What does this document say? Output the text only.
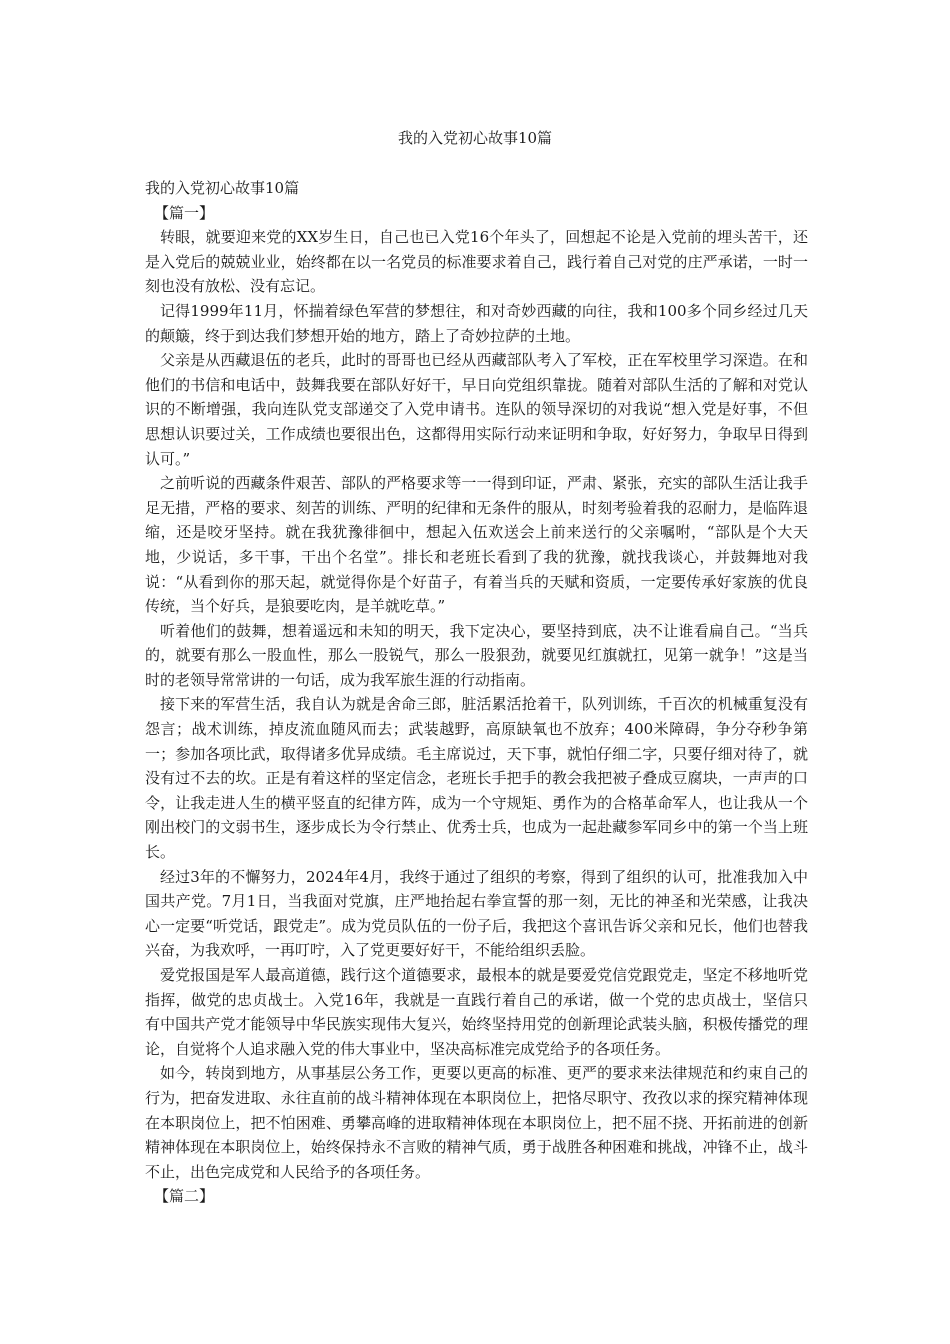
我的入党初心故事10篇

我的入党初心故事10篇

【篇一】

转眼，就要迎来党的XX岁生日，自己也已入党16个年头了，回想起不论是入党前的埋头苦干，还是入党后的兢兢业业，始终都在以一名党员的标准要求着自己，践行着自己对党的庄严承诺，一时一刻也没有放松、没有忘记。

记得1999年11月，怀揣着绿色军营的梦想往，和对奇妙西藏的向往，我和100多个同乡经过几天的颠簸，终于到达我们梦想开始的地方，踏上了奇妙拉萨的土地。

父亲是从西藏退伍的老兵，此时的哥哥也已经从西藏部队考入了军校，正在军校里学习深造。在和他们的书信和电话中，鼓舞我要在部队好好干，早日向党组织靠拢。随着对部队生活的了解和对党认识的不断增强，我向连队党支部递交了入党申请书。连队的领导深切的对我说“想入党是好事，不但思想认识要过关，工作成绩也要很出色，这都得用实际行动来证明和争取，好好努力，争取早日得到认可。”

之前听说的西藏条件艰苦、部队的严格要求等一一得到印证，严肃、紧张，充实的部队生活让我手足无措，严格的要求、刻苦的训练、严明的纪律和无条件的服从，时刻考验着我的忍耐力，是临阵退缩，还是咬牙坚持。就在我犹豫徘徊中，想起入伍欢送会上前来送行的父亲嘱咐，“部队是个大天地，少说话，多干事，干出个名堂”。排长和老班长看到了我的犹豫，就找我谈心，并鼓舞地对我说：“从看到你的那天起，就觉得你是个好苗子，有着当兵的天赋和资质，一定要传承好家族的优良传统，当个好兵，是狼要吃肉，是羊就吃草。”

听着他们的鼓舞，想着遥远和未知的明天，我下定决心，要坚持到底，决不让谁看扁自己。“当兵的，就要有那么一股血性，那么一股锐气，那么一股狠劲，就要见红旗就扛，见第一就争！”这是当时的老领导常常讲的一句话，成为我军旅生涯的行动指南。

接下来的军营生活，我自认为就是舍命三郎，脏活累活抢着干，队列训练，千百次的机械重复没有怨言；战术训练，掉皮流血随风而去；武装越野，高原缺氧也不放弃；400米障碍，争分夺秒争第一；参加各项比武，取得诸多优异成绩。毛主席说过，天下事，就怕仔细二字，只要仔细对待了，就没有过不去的坎。正是有着这样的坚定信念，老班长手把手的教会我把被子叠成豆腐块，一声声的口令，让我走进人生的横平竖直的纪律方阵，成为一个守规矩、勇作为的合格革命军人，也让我从一个刚出校门的文弱书生，逐步成长为令行禁止、优秀士兵，也成为一起赴藏参军同乡中的第一个当上班长。

经过3年的不懈努力，2024年4月，我终于通过了组织的考察，得到了组织的认可，批准我加入中国共产党。7月1日，当我面对党旗，庄严地抬起右拳宣誓的那一刻，无比的神圣和光荣感，让我决心一定要“听党话，跟党走”。成为党员队伍的一份子后，我把这个喜讯告诉父亲和兄长，他们也替我兴奋，为我欢呼，一再叮咛，入了党更要好好干，不能给组织丢脸。

爱党报国是军人最高道德，践行这个道德要求，最根本的就是要爱党信党跟党走，坚定不移地听党指挥，做党的忠贞战士。入党16年，我就是一直践行着自己的承诺，做一个党的忠贞战士，坚信只有中国共产党才能领导中华民族实现伟大复兴，始终坚持用党的创新理论武装头脑，积极传播党的理论，自觉将个人追求融入党的伟大事业中，坚决高标准完成党给予的各项任务。

如今，转岗到地方，从事基层公务工作，更要以更高的标准、更严的要求来法律规范和约束自己的行为，把奋发进取、永往直前的战斗精神体现在本职岗位上，把恪尽职守、孜孜以求的探究精神体现在本职岗位上，把不怕困难、勇攀高峰的进取精神体现在本职岗位上，把不屈不挠、开拓前进的创新精神体现在本职岗位上，始终保持永不言败的精神气质，勇于战胜各种困难和挑战，冲锋不止，战斗不止，出色完成党和人民给予的各项任务。

【篇二】
